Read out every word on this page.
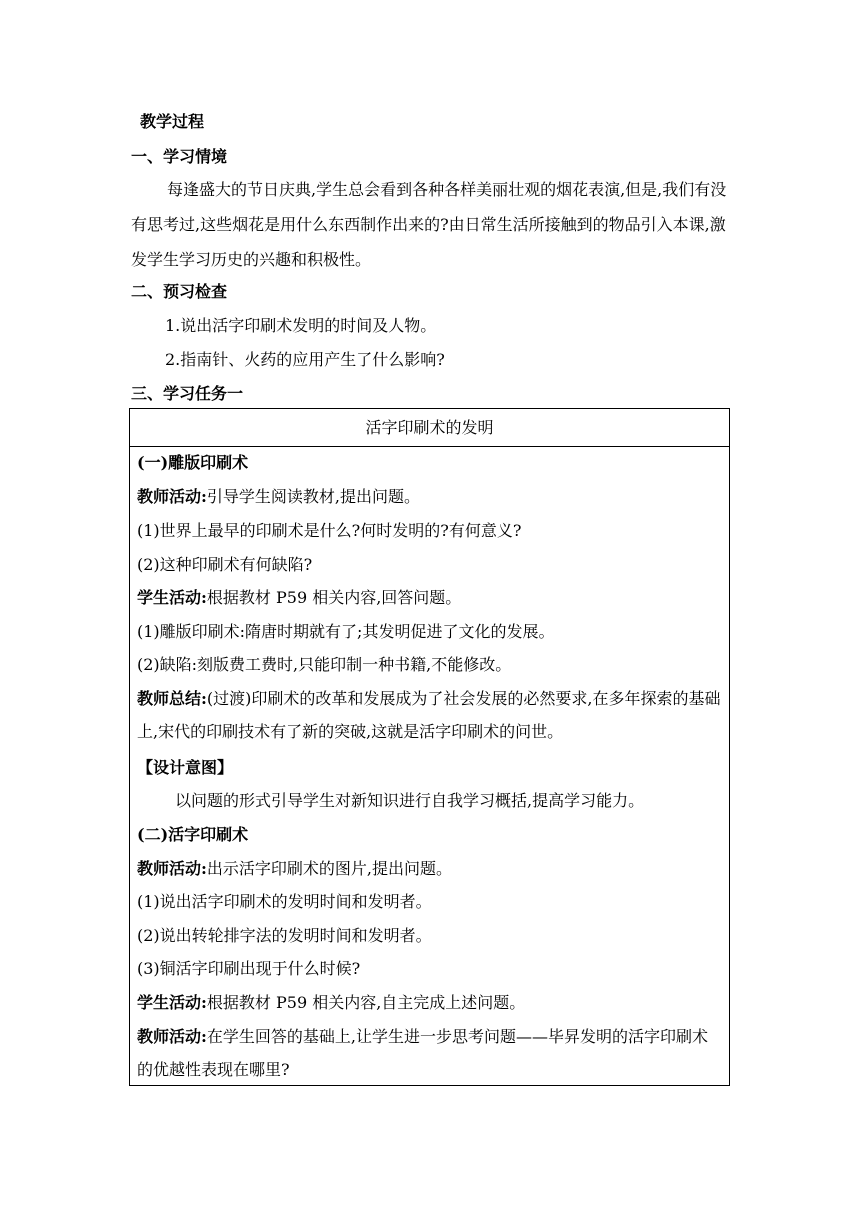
教学过程
一、学习情境
每逢盛大的节日庆典,学生总会看到各种各样美丽壮观的烟花表演,但是,我们有没有思考过,这些烟花是用什么东西制作出来的?由日常生活所接触到的物品引入本课,激发学生学习历史的兴趣和积极性。
二、预习检查
1.说出活字印刷术发明的时间及人物。
2.指南针、火药的应用产生了什么影响?
三、学习任务一
活字印刷术的发明
(一)雕版印刷术
教师活动:引导学生阅读教材,提出问题。
(1)世界上最早的印刷术是什么?何时发明的?有何意义?
(2)这种印刷术有何缺陷?
学生活动:根据教材 P59 相关内容,回答问题。
(1)雕版印刷术:隋唐时期就有了;其发明促进了文化的发展。
(2)缺陷:刻版费工费时,只能印制一种书籍,不能修改。
教师总结:(过渡)印刷术的改革和发展成为了社会发展的必然要求,在多年探索的基础上,宋代的印刷技术有了新的突破,这就是活字印刷术的问世。
【设计意图】
以问题的形式引导学生对新知识进行自我学习概括,提高学习能力。
(二)活字印刷术
教师活动:出示活字印刷术的图片,提出问题。
(1)说出活字印刷术的发明时间和发明者。
(2)说出转轮排字法的发明时间和发明者。
(3)铜活字印刷出现于什么时候?
学生活动:根据教材 P59 相关内容,自主完成上述问题。
教师活动:在学生回答的基础上,让学生进一步思考问题——毕昇发明的活字印刷术的优越性表现在哪里?
